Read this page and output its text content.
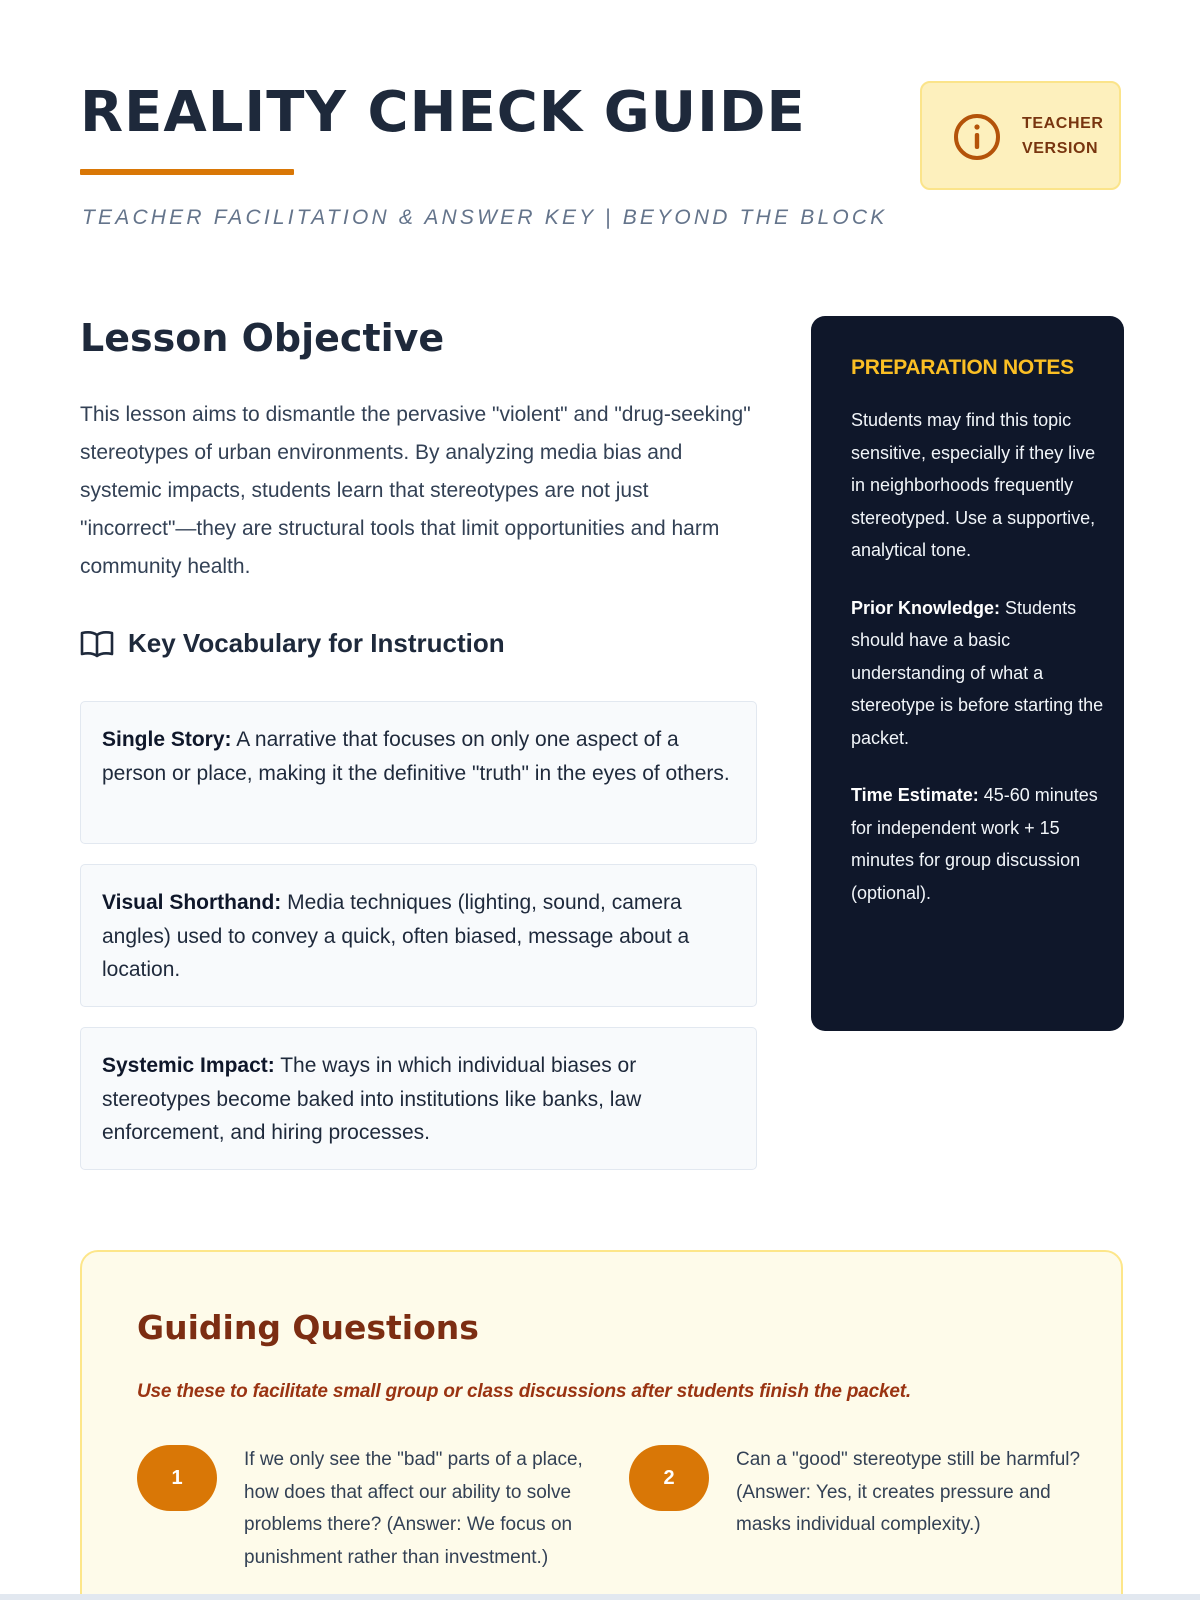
REALITY CHECK GUIDE
TEACHER FACILITATION & ANSWER KEY | BEYOND THE BLOCK
TEACHER VERSION
Lesson Objective

This lesson aims to dismantle the pervasive "violent" and "drug-seeking" stereotypes of urban environments. By analyzing media bias and systemic impacts, students learn that stereotypes are not just "incorrect"—they are structural tools that limit opportunities and harm community health.

Key Vocabulary for Instruction
Single Story: A narrative that focuses on only one aspect of a person or place, making it the definitive "truth" in the eyes of others.
Visual Shorthand: Media techniques (lighting, sound, camera angles) used to convey a quick, often biased, message about a location.
Systemic Impact: The ways in which individual biases or stereotypes become baked into institutions like banks, law enforcement, and hiring processes.
PREPARATION NOTES

Students may find this topic sensitive, especially if they live in neighborhoods frequently stereotyped. Use a supportive, analytical tone.

Prior Knowledge: Students should have a basic understanding of what a stereotype is before starting the packet.

Time Estimate: 45-60 minutes for independent work + 15 minutes for group discussion (optional).

Guiding Questions

Use these to facilitate small group or class discussions after students finish the packet.

1

If we only see the "bad" parts of a place, how does that affect our ability to solve problems there? (Answer: We focus on punishment rather than investment.)

2

Can a "good" stereotype still be harmful? (Answer: Yes, it creates pressure and masks individual complexity.)
